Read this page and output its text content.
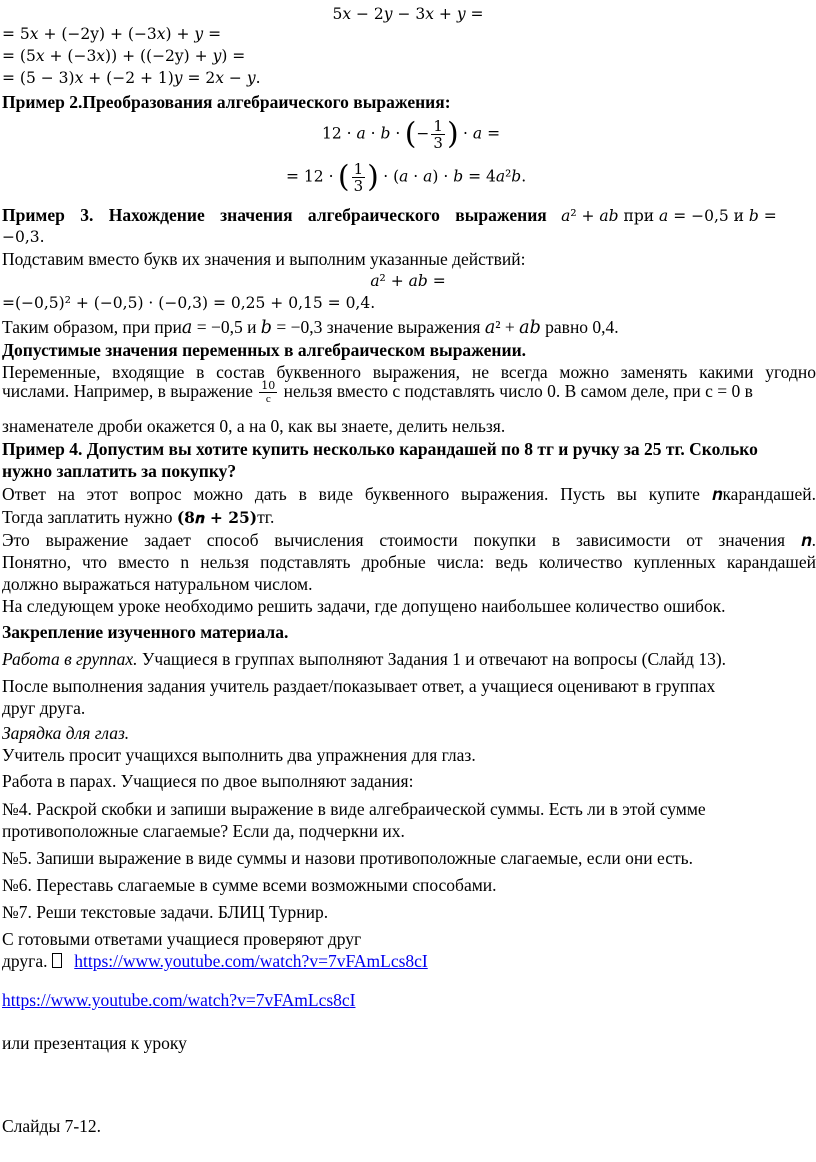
5𝑥 − 2𝑦 − 3𝑥 + 𝑦 =
= 5𝑥 + (−2y) + (−3𝑥) + 𝑦 =
= (5𝑥 + (−3𝑥)) + ((−2y) + 𝑦) =
= (5 − 3)𝑥 + (−2 + 1)𝑦 = 2𝑥 − 𝑦.
Пример 2.Преобразования алгебраического выражения:
12 · 𝑎 · 𝑏 · (− $\frac{1}{3}$ ) · 𝑎 =
= 12 · ( $\frac{1}{3}$ ) · (𝑎 · 𝑎) · 𝑏 = 4𝑎²𝑏.
Пример 3. Нахождение значения алгебраического выражения 𝑎² + 𝑎𝑏 при 𝑎 = −0,5 и 𝑏 =
−0,3.
Подставим вместо букв их значения и выполним указанные действий:
𝑎² + 𝑎𝑏 =
=(−0,5)² + (−0,5) · (−0,3) = 0,25 + 0,15 = 0,4.
Таким образом, при при𝑎 = −0,5 и 𝑏 = −0,3 значение выражения 𝑎² + 𝑎𝑏 равно 0,4.
Допустимые значения переменных в алгебраическом выражении.
Переменные, входящие в состав буквенного выражения, не всегда можно заменять какими угодно
числами. Например, в выражение $\frac{10}{с}$ нельзя вместо с подставлять число 0. В самом деле, при с = 0 в
знаменателе дроби окажется 0, а на 0, как вы знаете, делить нельзя.
Пример 4. Допустим вы хотите купить несколько карандашей по 8 тг и ручку за 25 тг. Сколько
нужно заплатить за покупку?
Ответ на этот вопрос можно дать в виде буквенного выражения. Пусть вы купите 𝒏карандашей.
Тогда заплатить нужно (𝟖𝒏 + 𝟐𝟓)тг.
Это выражение задает способ вычисления стоимости покупки в зависимости от значения 𝒏.
Понятно, что вместо n нельзя подставлять дробные числа: ведь количество купленных карандашей
должно выражаться натуральном числом.
На следующем уроке необходимо решить задачи, где допущено наибольшее количество ошибок.
Закрепление изученного материала.
Работа в группах. Учащиеся в группах выполняют Задания 1 и отвечают на вопросы (Слайд 13).
После выполнения задания учитель раздает/показывает ответ, а учащиеся оценивают в группах
друг друга.
Зарядка для глаз.
Учитель просит учащихся выполнить два упражнения для глаз.
Работа в парах. Учащиеся по двое выполняют задания:
№4. Раскрой скобки и запиши выражение в виде алгебраической суммы. Есть ли в этой сумме
противоположные слагаемые? Если да, подчеркни их.
№5. Запиши выражение в виде суммы и назови противоположные слагаемые, если они есть.
№6. Переставь слагаемые в сумме всеми возможными способами.
№7. Реши текстовые задачи. БЛИЦ Турнир.
С готовыми ответами учащиеся проверяют друг
друга. https://www.youtube.com/watch?v=7vFAmLcs8cI
https://www.youtube.com/watch?v=7vFAmLcs8cI
или презентация к уроку
Слайды 7-12.
